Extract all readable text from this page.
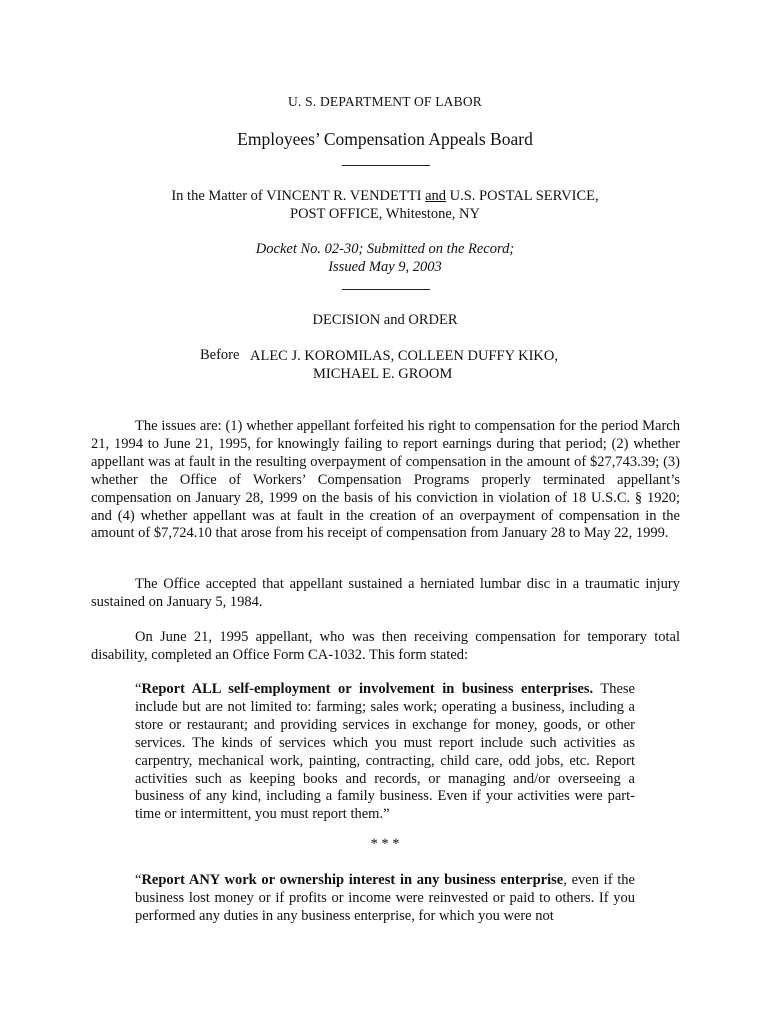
U. S. DEPARTMENT OF LABOR
Employees’ Compensation Appeals Board
In the Matter of VINCENT R. VENDETTI and U.S. POSTAL SERVICE,
POST OFFICE, Whitestone, NY
Docket No. 02-30; Submitted on the Record;
Issued May 9, 2003
DECISION and ORDER
Before ALEC J. KOROMILAS, COLLEEN DUFFY KIKO,
MICHAEL E. GROOM

The issues are: (1) whether appellant forfeited his right to compensation for the period March 21, 1994 to June 21, 1995, for knowingly failing to report earnings during that period; (2) whether appellant was at fault in the resulting overpayment of compensation in the amount of $27,743.39; (3) whether the Office of Workers’ Compensation Programs properly terminated appellant’s compensation on January 28, 1999 on the basis of his conviction in violation of 18 U.S.C. § 1920; and (4) whether appellant was at fault in the creation of an overpayment of compensation in the amount of $7,724.10 that arose from his receipt of compensation from January 28 to May 22, 1999.

The Office accepted that appellant sustained a herniated lumbar disc in a traumatic injury sustained on January 5, 1984.

On June 21, 1995 appellant, who was then receiving compensation for temporary total disability, completed an Office Form CA-1032. This form stated:

“Report ALL self-employment or involvement in business enterprises. These include but are not limited to: farming; sales work; operating a business, including a store or restaurant; and providing services in exchange for money, goods, or other services. The kinds of services which you must report include such activities as carpentry, mechanical work, painting, contracting, child care, odd jobs, etc. Report activities such as keeping books and records, or managing and/or overseeing a business of any kind, including a family business. Even if your activities were part-time or intermittent, you must report them.”

* * *

“Report ANY work or ownership interest in any business enterprise, even if the business lost money or if profits or income were reinvested or paid to others. If you performed any duties in any business enterprise, for which you were not
